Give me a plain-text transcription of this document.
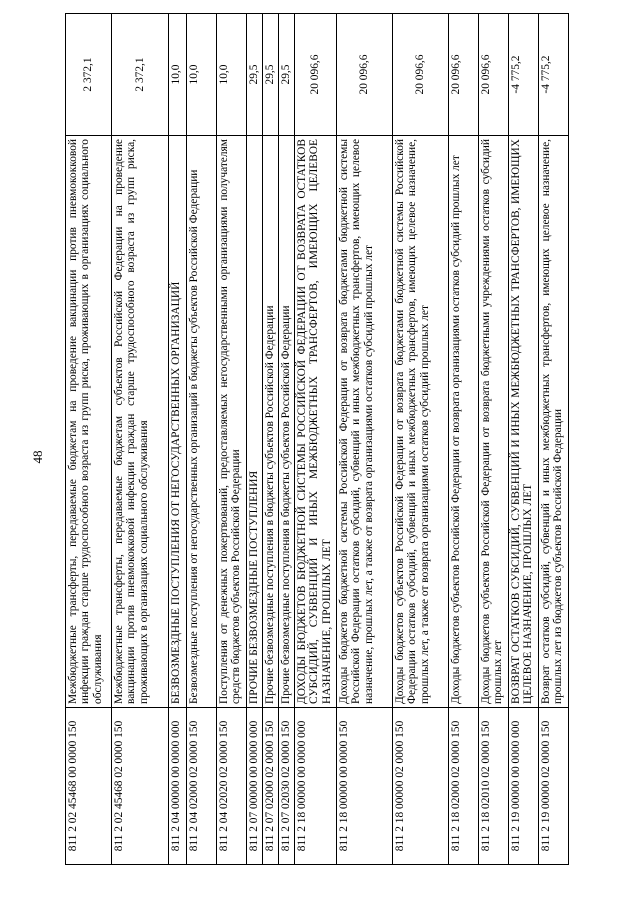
48
811 2 02 45468 00 0000 150	Межбюджетные трансферты, передаваемые бюджетам на проведение вакцинации против пневмококковой инфекции граждан старше трудоспособного возраста из групп риска, проживающих в организациях социального обслуживания	2 372,1
811 2 02 45468 02 0000 150	Межбюджетные трансферты, передаваемые бюджетам субъектов Российской Федерации на проведение вакцинации против пневмококковой инфекции граждан старше трудоспособного возраста из групп риска, проживающих в организациях социального обслуживания	2 372,1
811 2 04 00000 00 0000 000	БЕЗВОЗМЕЗДНЫЕ ПОСТУПЛЕНИЯ ОТ НЕГОСУДАРСТВЕННЫХ ОРГАНИЗАЦИЙ	10,0
811 2 04 02000 02 0000 150	Безвозмездные поступления от негосударственных организаций в бюджеты субъектов Российской Федерации	10,0
811 2 04 02020 02 0000 150	Поступления от денежных пожертвований, предоставляемых негосударственными организациями получателям средств бюджетов субъектов Российской Федерации	10,0
811 2 07 00000 00 0000 000	ПРОЧИЕ БЕЗВОЗМЕЗДНЫЕ ПОСТУПЛЕНИЯ	29,5
811 2 07 02000 02 0000 150	Прочие безвозмездные поступления в бюджеты субъектов Российской Федерации	29,5
811 2 07 02030 02 0000 150	Прочие безвозмездные поступления в бюджеты субъектов Российской Федерации	29,5
811 2 18 00000 00 0000 000	ДОХОДЫ БЮДЖЕТОВ БЮДЖЕТНОЙ СИСТЕМЫ РОССИЙСКОЙ ФЕДЕРАЦИИ ОТ ВОЗВРАТА ОСТАТКОВ СУБСИДИЙ, СУБВЕНЦИЙ И ИНЫХ МЕЖБЮДЖЕТНЫХ ТРАНСФЕРТОВ, ИМЕЮЩИХ ЦЕЛЕВОЕ НАЗНАЧЕНИЕ, ПРОШЛЫХ ЛЕТ	20 096,6
811 2 18 00000 00 0000 150	Доходы бюджетов бюджетной системы Российской Федерации от возврата бюджетами бюджетной системы Российской Федерации остатков субсидий, субвенций и иных межбюджетных трансфертов, имеющих целевое назначение, прошлых лет, а также от возврата организациями остатков субсидий прошлых лет	20 096,6
811 2 18 00000 02 0000 150	Доходы бюджетов субъектов Российской Федерации от возврата бюджетами бюджетной системы Российской Федерации остатков субсидий, субвенций и иных межбюджетных трансфертов, имеющих целевое назначение, прошлых лет, а также от возврата организациями остатков субсидий прошлых лет	20 096,6
811 2 18 02000 02 0000 150	Доходы бюджетов субъектов Российской Федерации от возврата организациями остатков субсидий прошлых лет	20 096,6
811 2 18 02010 02 0000 150	Доходы бюджетов субъектов Российской Федерации от возврата бюджетными учреждениями остатков субсидий прошлых лет	20 096,6
811 2 19 00000 00 0000 000	ВОЗВРАТ ОСТАТКОВ СУБСИДИЙ, СУБВЕНЦИЙ И ИНЫХ МЕЖБЮДЖЕТНЫХ ТРАНСФЕРТОВ, ИМЕЮЩИХ ЦЕЛЕВОЕ НАЗНАЧЕНИЕ, ПРОШЛЫХ ЛЕТ	-4 775,2
811 2 19 00000 02 0000 150	Возврат остатков субсидий, субвенций и иных межбюджетных трансфертов, имеющих целевое назначение, прошлых лет из бюджетов субъектов Российской Федерации	-4 775,2
